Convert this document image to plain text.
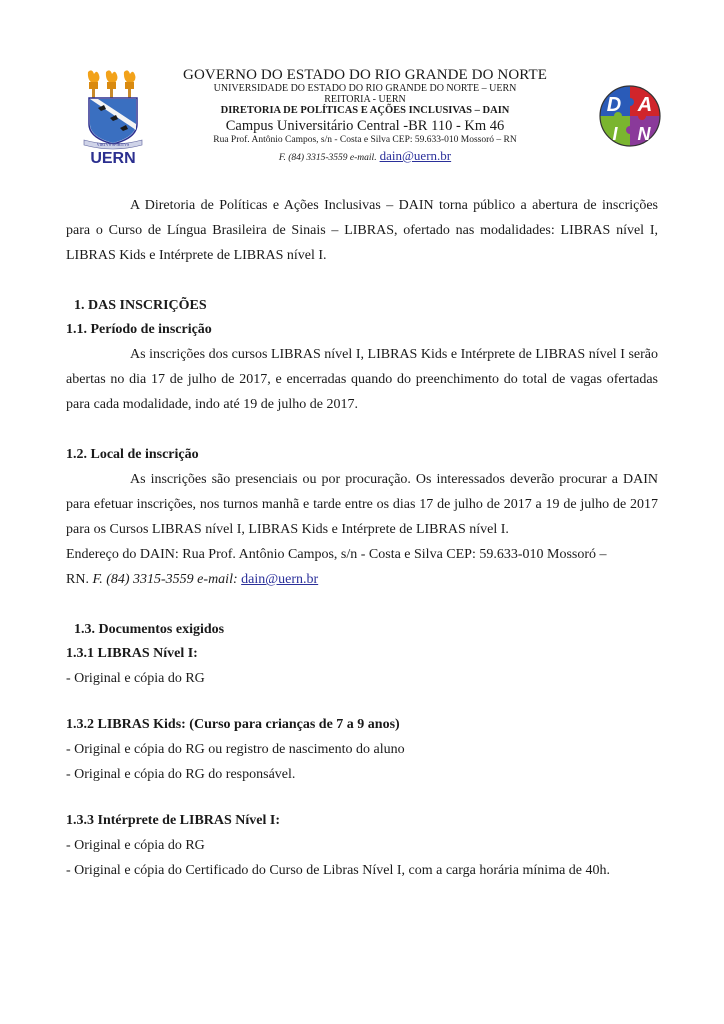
VIRTVS SPIRITVS
UERN
GOVERNO DO ESTADO DO RIO GRANDE DO NORTE
UNIVERSIDADE DO ESTADO DO RIO GRANDE DO NORTE – UERN
REITORIA - UERN
DIRETORIA DE POLÍTICAS E AÇÕES INCLUSIVAS – DAIN
Campus Universitário Central -BR 110 - Km 46
Rua Prof. Antônio Campos, s/n - Costa e Silva CEP: 59.633-010 Mossoró – RN
F. (84) 3315-3559 e-mail. dain@uern.br
D A
I N

A Diretoria de Políticas e Ações Inclusivas – DAIN torna público a abertura de inscrições para o Curso de Língua Brasileira de Sinais – LIBRAS, ofertado nas modalidades: LIBRAS nível I, LIBRAS Kids e Intérprete de LIBRAS nível I.

1. DAS INSCRIÇÕES

1.1. Período de inscrição

As inscrições dos cursos LIBRAS nível I, LIBRAS Kids e Intérprete de LIBRAS nível I serão abertas no dia 17 de julho de 2017, e encerradas quando do preenchimento do total de vagas ofertadas para cada modalidade, indo até 19 de julho de 2017.

1.2. Local de inscrição

As inscrições são presenciais ou por procuração. Os interessados deverão procurar a DAIN para efetuar inscrições, nos turnos manhã e tarde entre os dias 17 de julho de 2017 a 19 de julho de 2017 para os Cursos LIBRAS nível I, LIBRAS Kids e Intérprete de LIBRAS nível I.

Endereço do DAIN: Rua Prof. Antônio Campos, s/n - Costa e Silva CEP: 59.633-010 Mossoró –

RN. F. (84) 3315-3559 e-mail: dain@uern.br

1.3. Documentos exigidos

1.3.1 LIBRAS Nível I:

- Original e cópia do RG

1.3.2 LIBRAS Kids: (Curso para crianças de 7 a 9 anos)

- Original e cópia do RG ou registro de nascimento do aluno

- Original e cópia do RG do responsável.

1.3.3 Intérprete de LIBRAS Nível I:

- Original e cópia do RG

- Original e cópia do Certificado do Curso de Libras Nível I, com a carga horária mínima de 40h.
